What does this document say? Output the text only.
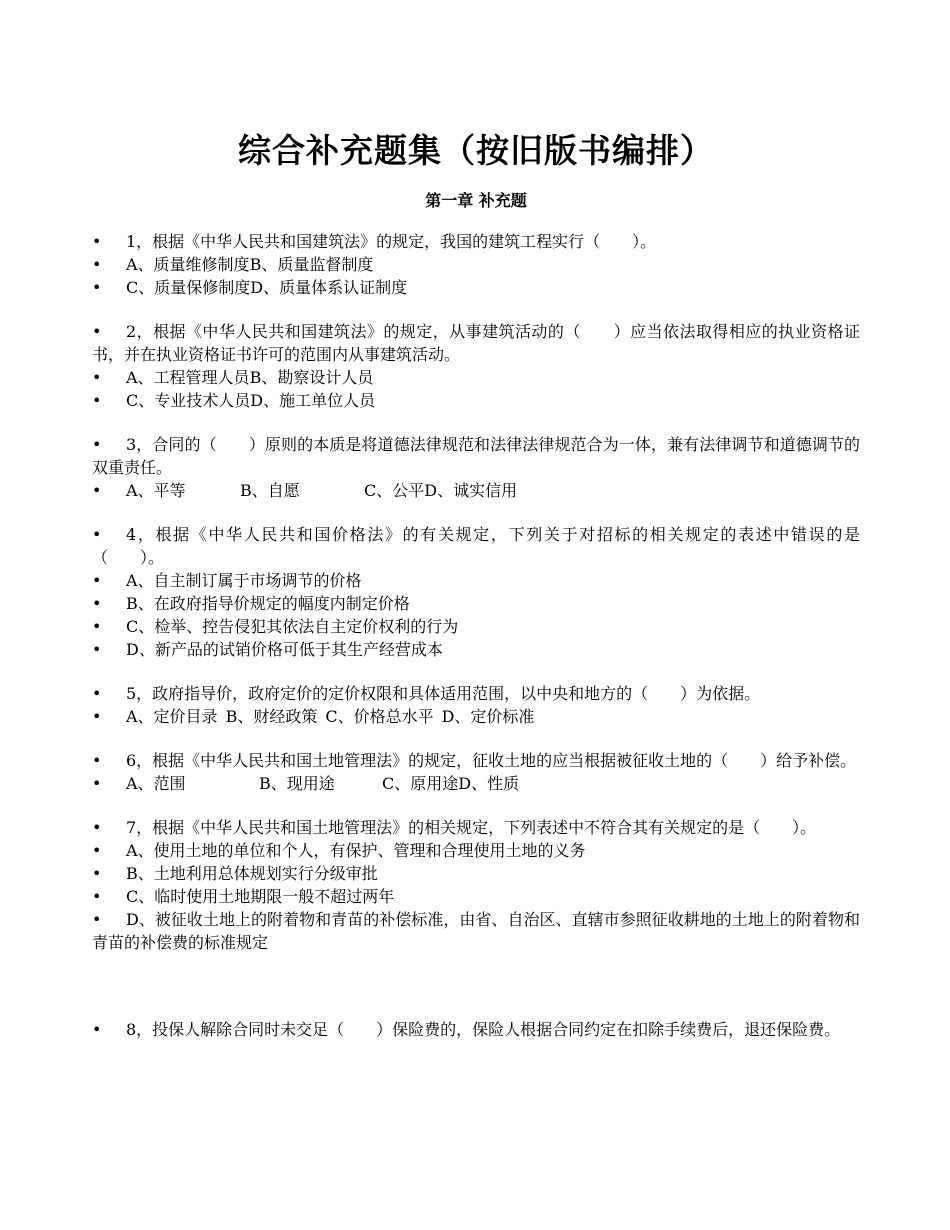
综合补充题集（按旧版书编排）
第一章 补充题

• 1，根据《中华人民共和国建筑法》的规定，我国的建筑工程实行（　　）。

• A、质量维修制度B、质量监督制度

• C、质量保修制度D、质量体系认证制度

• 2，根据《中华人民共和国建筑法》的规定，从事建筑活动的（　　）应当依法取得相应的执业资格证书，并在执业资格证书许可的范围内从事建筑活动。

• A、工程管理人员B、勘察设计人员

• C、专业技术人员D、施工单位人员

• 3，合同的（　　）原则的本质是将道德法律规范和法律法律规范合为一体，兼有法律调节和道德调节的双重责任。

• A、平等	B、自愿	C、公平D、诚实信用

• 4，根据《中华人民共和国价格法》的有关规定，下列关于对招标的相关规定的表述中错误的是（　　）。

• A、自主制订属于市场调节的价格

• B、在政府指导价规定的幅度内制定价格

• C、检举、控告侵犯其依法自主定价权利的行为

• D、新产品的试销价格可低于其生产经营成本

• 5，政府指导价，政府定价的定价权限和具体适用范围，以中央和地方的（　　）为依据。

• A、定价目录 B、财经政策 C、价格总水平 D、定价标准

• 6，根据《中华人民共和国土地管理法》的规定，征收土地的应当根据被征收土地的（　　）给予补偿。

• A、范围	B、现用途	C、原用途D、性质

• 7，根据《中华人民共和国土地管理法》的相关规定，下列表述中不符合其有关规定的是（　　）。

• A、使用土地的单位和个人，有保护、管理和合理使用土地的义务

• B、土地利用总体规划实行分级审批

• C、临时使用土地期限一般不超过两年

• D、被征收土地上的附着物和青苗的补偿标准，由省、自治区、直辖市参照征收耕地的土地上的附着物和青苗的补偿费的标准规定

• 8，投保人解除合同时未交足（　　）保险费的，保险人根据合同约定在扣除手续费后，退还保险费。
